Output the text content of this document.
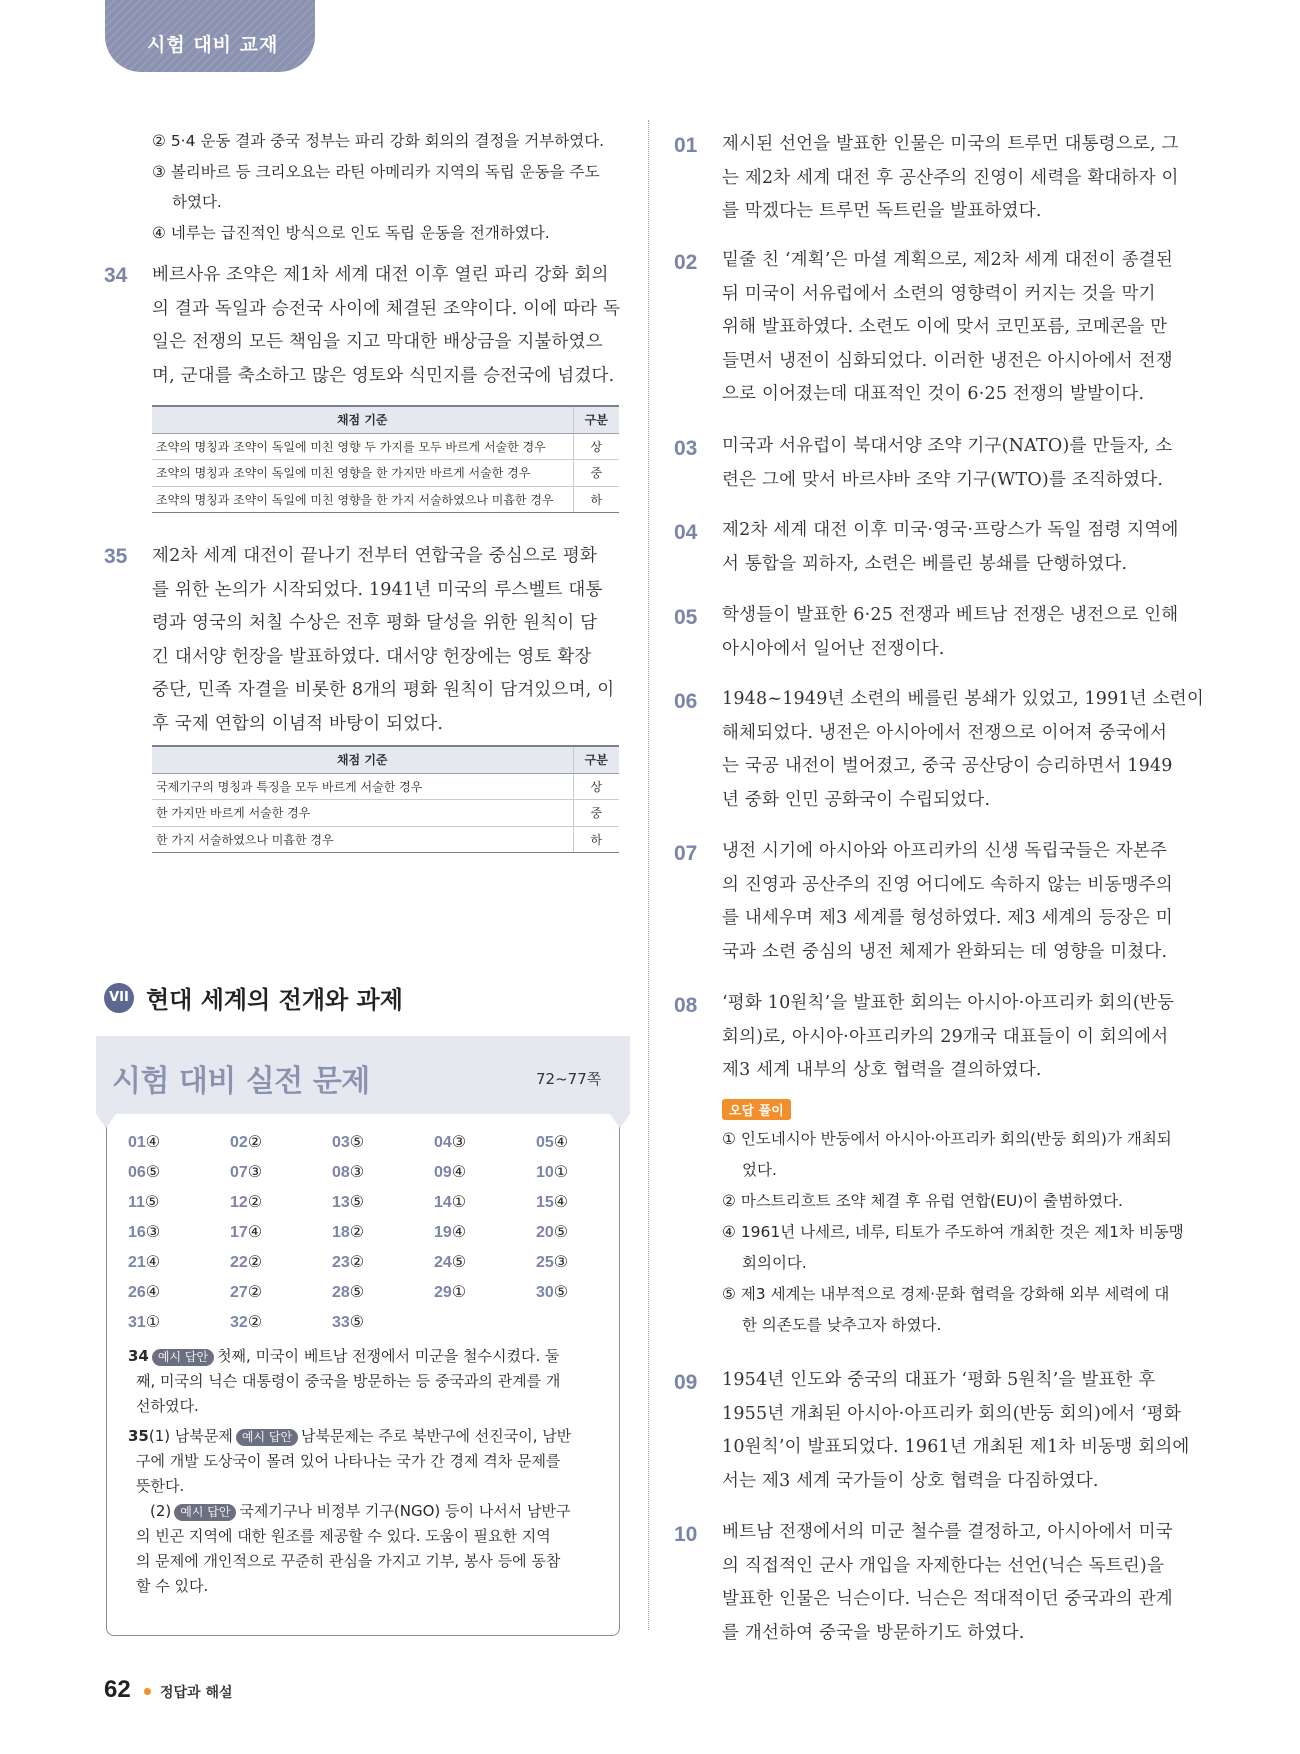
시험 대비 교재
② 5·4 운동 결과 중국 정부는 파리 강화 회의의 결정을 거부하였다.
③ 볼리바르 등 크리오요는 라틴 아메리카 지역의 독립 운동을 주도
하였다.
④ 네루는 급진적인 방식으로 인도 독립 운동을 전개하였다.
34 베르사유 조약은 제1차 세계 대전 이후 열린 파리 강화 회의
의 결과 독일과 승전국 사이에 체결된 조약이다. 이에 따라 독
일은 전쟁의 모든 책임을 지고 막대한 배상금을 지불하였으
며, 군대를 축소하고 많은 영토와 식민지를 승전국에 넘겼다.
채점 기준	구분
조약의 명칭과 조약이 독일에 미친 영향 두 가지를 모두 바르게 서술한 경우	상
조약의 명칭과 조약이 독일에 미친 영향을 한 가지만 바르게 서술한 경우	중
조약의 명칭과 조약이 독일에 미친 영향을 한 가지 서술하였으나 미흡한 경우	하
35 제2차 세계 대전이 끝나기 전부터 연합국을 중심으로 평화
를 위한 논의가 시작되었다. 1941년 미국의 루스벨트 대통
령과 영국의 처칠 수상은 전후 평화 달성을 위한 원칙이 담
긴 대서양 헌장을 발표하였다. 대서양 헌장에는 영토 확장
중단, 민족 자결을 비롯한 8개의 평화 원칙이 담겨있으며, 이
후 국제 연합의 이념적 바탕이 되었다.
채점 기준	구분
국제기구의 명칭과 특징을 모두 바르게 서술한 경우	상
한 가지만 바르게 서술한 경우	중
한 가지 서술하였으나 미흡한 경우	하
VII 현대 세계의 전개와 과제
시험 대비 실전 문제	72~77쪽
01④	02②	03⑤	04③	05④
06⑤	07③	08③	09④	10①
11⑤	12②	13⑤	14①	15④
16③	17④	18②	19④	20⑤
21④	22②	23②	24⑤	25③
26④	27②	28⑤	29①	30⑤
31①	32②	33⑤
34 예시 답안 첫째, 미국이 베트남 전쟁에서 미군을 철수시켰다. 둘
째, 미국의 닉슨 대통령이 중국을 방문하는 등 중국과의 관계를 개
선하였다.
35(1) 남북문제 예시 답안 남북문제는 주로 북반구에 선진국이, 남반
구에 개발 도상국이 몰려 있어 나타나는 국가 간 경제 격차 문제를
뜻한다.
(2) 예시 답안 국제기구나 비정부 기구(NGO) 등이 나서서 남반구
의 빈곤 지역에 대한 원조를 제공할 수 있다. 도움이 필요한 지역
의 문제에 개인적으로 꾸준히 관심을 가지고 기부, 봉사 등에 동참
할 수 있다.
01 제시된 선언을 발표한 인물은 미국의 트루먼 대통령으로, 그
는 제2차 세계 대전 후 공산주의 진영이 세력을 확대하자 이
를 막겠다는 트루먼 독트린을 발표하였다.
02 밑줄 친 ‘계획’은 마셜 계획으로, 제2차 세계 대전이 종결된
뒤 미국이 서유럽에서 소련의 영향력이 커지는 것을 막기
위해 발표하였다. 소련도 이에 맞서 코민포름, 코메콘을 만
들면서 냉전이 심화되었다. 이러한 냉전은 아시아에서 전쟁
으로 이어졌는데 대표적인 것이 6·25 전쟁의 발발이다.
03 미국과 서유럽이 북대서양 조약 기구(NATO)를 만들자, 소
련은 그에 맞서 바르샤바 조약 기구(WTO)를 조직하였다.
04 제2차 세계 대전 이후 미국·영국·프랑스가 독일 점령 지역에
서 통합을 꾀하자, 소련은 베를린 봉쇄를 단행하였다.
05 학생들이 발표한 6·25 전쟁과 베트남 전쟁은 냉전으로 인해
아시아에서 일어난 전쟁이다.
06 1948~1949년 소련의 베를린 봉쇄가 있었고, 1991년 소련이
해체되었다. 냉전은 아시아에서 전쟁으로 이어져 중국에서
는 국공 내전이 벌어졌고, 중국 공산당이 승리하면서 1949
년 중화 인민 공화국이 수립되었다.
07 냉전 시기에 아시아와 아프리카의 신생 독립국들은 자본주
의 진영과 공산주의 진영 어디에도 속하지 않는 비동맹주의
를 내세우며 제3 세계를 형성하였다. 제3 세계의 등장은 미
국과 소련 중심의 냉전 체제가 완화되는 데 영향을 미쳤다.
08 ‘평화 10원칙’을 발표한 회의는 아시아·아프리카 회의(반둥
회의)로, 아시아·아프리카의 29개국 대표들이 이 회의에서
제3 세계 내부의 상호 협력을 결의하였다.
오답 풀이
① 인도네시아 반둥에서 아시아·아프리카 회의(반둥 회의)가 개최되
었다.
② 마스트리흐트 조약 체결 후 유럽 연합(EU)이 출범하였다.
④ 1961년 나세르, 네루, 티토가 주도하여 개최한 것은 제1차 비동맹
회의이다.
⑤ 제3 세계는 내부적으로 경제·문화 협력을 강화해 외부 세력에 대
한 의존도를 낮추고자 하였다.
09 1954년 인도와 중국의 대표가 ‘평화 5원칙’을 발표한 후
1955년 개최된 아시아·아프리카 회의(반둥 회의)에서 ‘평화
10원칙’이 발표되었다. 1961년 개최된 제1차 비동맹 회의에
서는 제3 세계 국가들이 상호 협력을 다짐하였다.
10 베트남 전쟁에서의 미군 철수를 결정하고, 아시아에서 미국
의 직접적인 군사 개입을 자제한다는 선언(닉슨 독트린)을
발표한 인물은 닉슨이다. 닉슨은 적대적이던 중국과의 관계
를 개선하여 중국을 방문하기도 하였다.
62 정답과 해설
